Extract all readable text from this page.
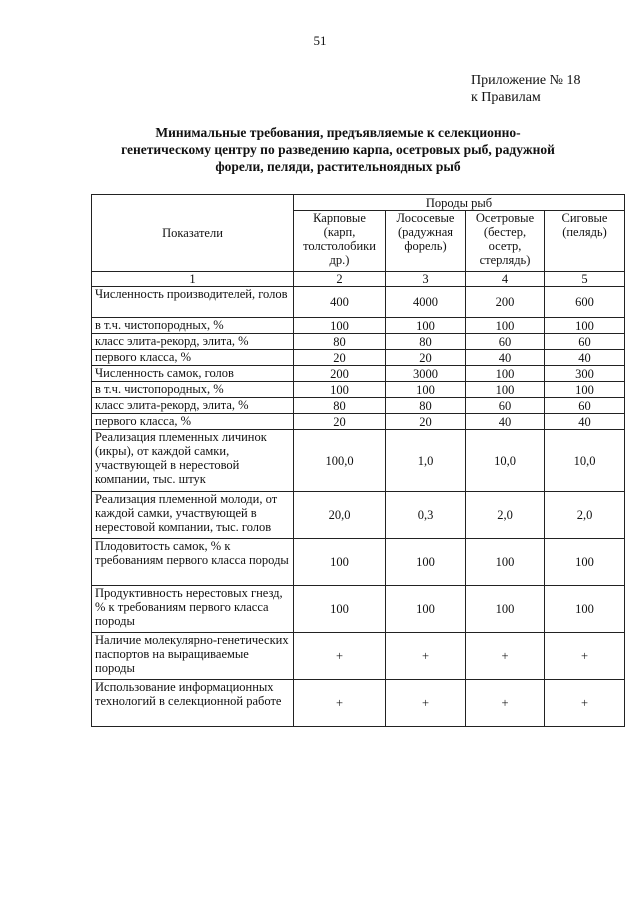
51
Приложение № 18
к Правилам
Минимальные требования, предъявляемые к селекционно-
генетическому центру по разведению карпа, осетровых рыб, радужной
форели, пеляди, растительноядных рыб
Показатели	Породы рыб			
	Карповые (карп, толстолобики др.)	Лососевые (радужная форель)	Осетровые (бестер, осетр, стерлядь)	Сиговые (пелядь)
1	2	3	4	5
Численность производителей, голов	400	4000	200	600
в т.ч. чистопородных, %	100	100	100	100
класс элита-рекорд, элита, %	80	80	60	60
первого класса, %	20	20	40	40
Численность самок, голов	200	3000	100	300
в т.ч. чистопородных, %	100	100	100	100
класс элита-рекорд, элита, %	80	80	60	60
первого класса, %	20	20	40	40
Реализация племенных личинок (икры), от каждой самки, участвующей в нерестовой компании, тыс. штук	100,0	1,0	10,0	10,0
Реализация племенной молоди, от каждой самки, участвующей в нерестовой компании, тыс. голов	20,0	0,3	2,0	2,0
Плодовитость самок, % к требованиям первого класса породы	100	100	100	100
Продуктивность нерестовых гнезд, % к требованиям первого класса породы	100	100	100	100
Наличие молекулярно-генетических паспортов на выращиваемые породы	+	+	+	+
Использование информационных технологий в селекционной работе	+	+	+	+
